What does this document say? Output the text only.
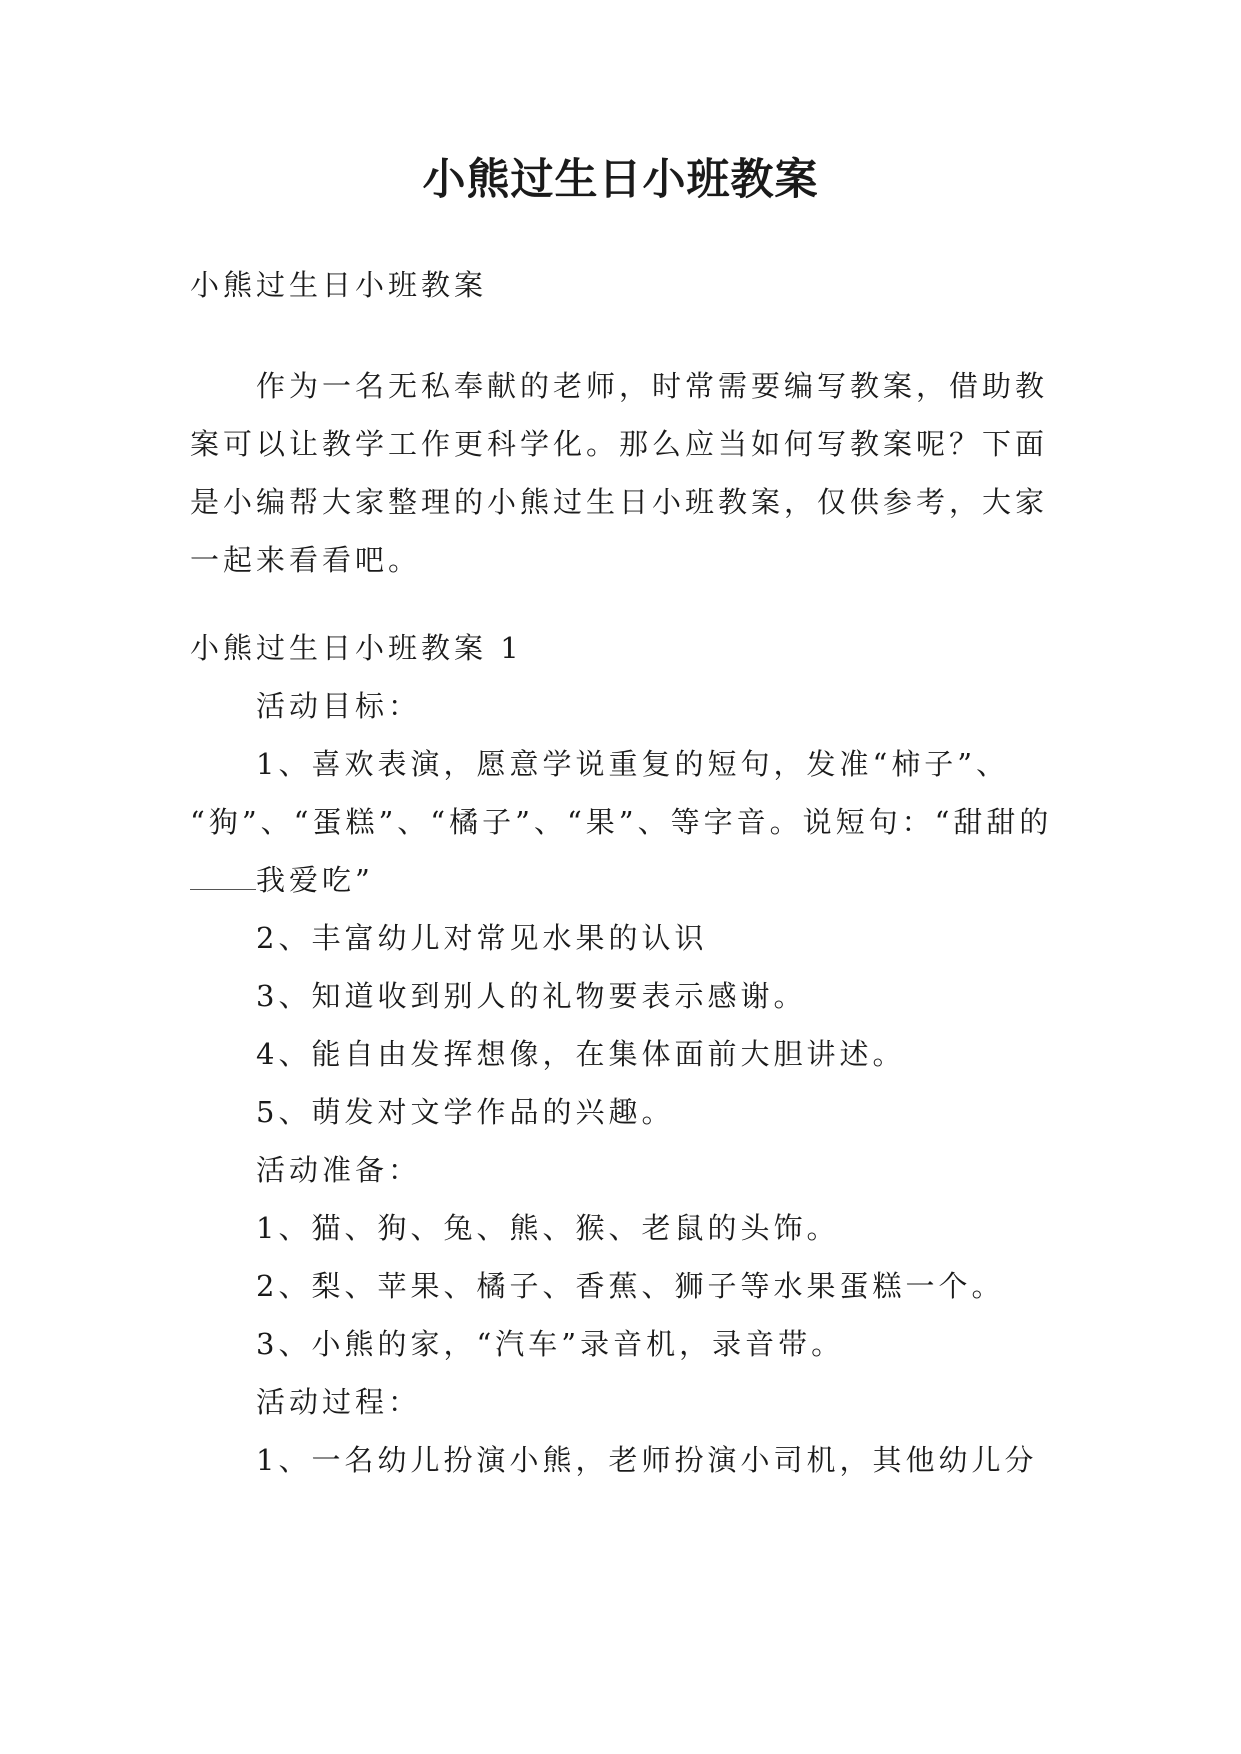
小熊过生日小班教案

小熊过生日小班教案

作为一名无私奉献的老师，时常需要编写教案，借助教

案可以让教学工作更科学化。那么应当如何写教案呢？下面

是小编帮大家整理的小熊过生日小班教案，仅供参考，大家

一起来看看吧。

小熊过生日小班教案 1

活动目标：

1、喜欢表演，愿意学说重复的短句，发准“柿子”、

“狗”、“蛋糕”、“橘子”、“果”、等字音。说短句：“甜甜的

我爱吃”

2、丰富幼儿对常见水果的认识

3、知道收到别人的礼物要表示感谢。

4、能自由发挥想像，在集体面前大胆讲述。

5、萌发对文学作品的兴趣。

活动准备：

1、猫、狗、兔、熊、猴、老鼠的头饰。

2、梨、苹果、橘子、香蕉、狮子等水果蛋糕一个。

3、小熊的家，“汽车”录音机，录音带。

活动过程：

1、一名幼儿扮演小熊，老师扮演小司机，其他幼儿分
